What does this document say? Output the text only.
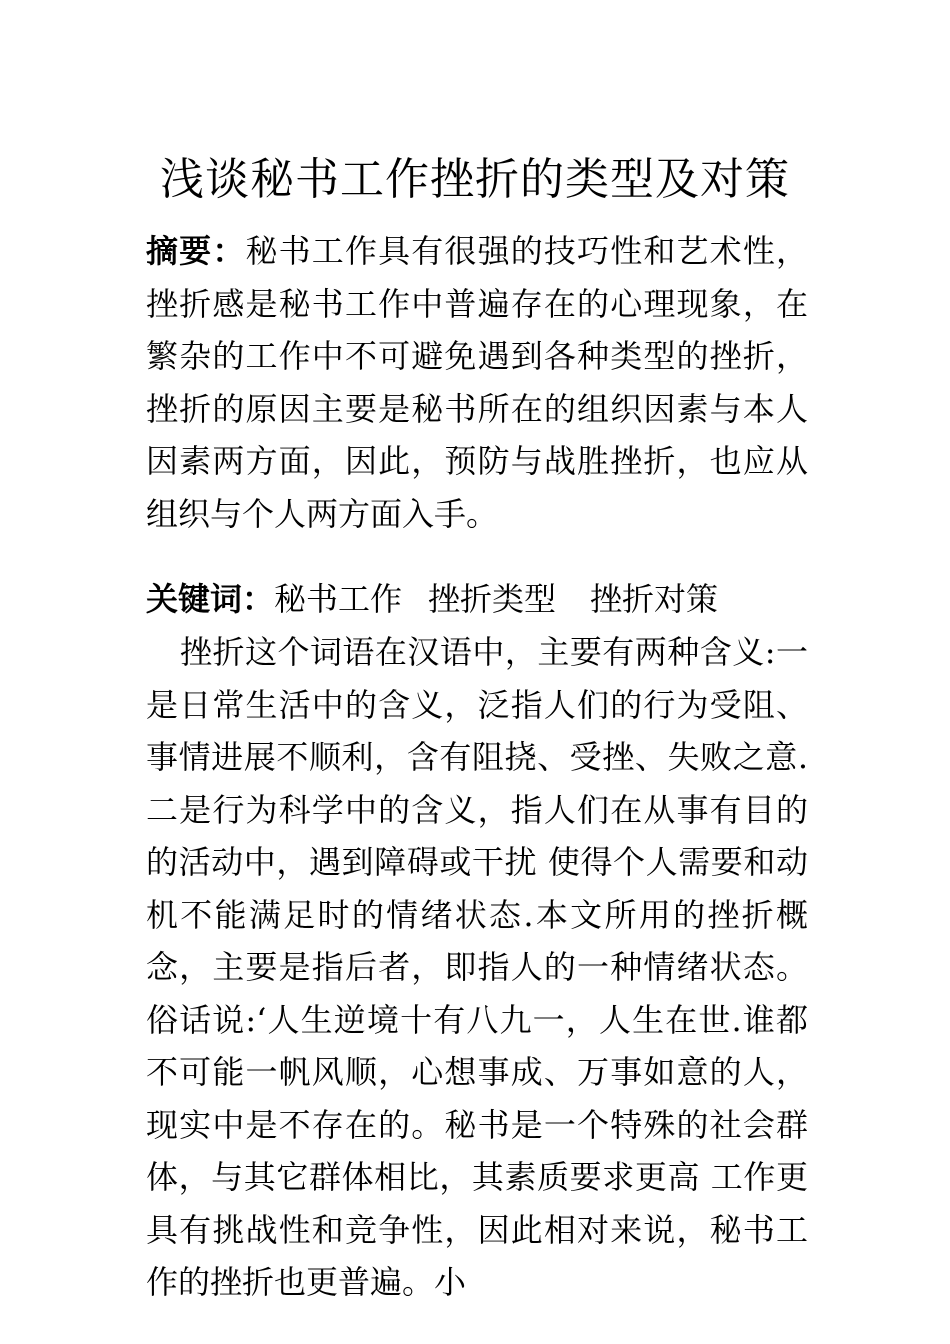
浅谈秘书工作挫折的类型及对策

摘要：秘书工作具有很强的技巧性和艺术性，挫折感是秘书工作中普遍存在的心理现象，在繁杂的工作中不可避免遇到各种类型的挫折，挫折的原因主要是秘书所在的组织因素与本人因素两方面，因此，预防与战胜挫折，也应从组织与个人两方面入手。

关键词：秘书工作 挫折类型 挫折对策

挫折这个词语在汉语中，主要有两种含义:一是日常生活中的含义，泛指人们的行为受阻、事情进展不顺利，含有阻挠、受挫、失败之意.二是行为科学中的含义，指人们在从事有目的的活动中，遇到障碍或干扰 使得个人需要和动机不能满足时的情绪状态.本文所用的挫折概念，主要是指后者，即指人的一种情绪状态。俗话说:‘人生逆境十有八九一，人生在世.谁都不可能一帆风顺，心想事成、万事如意的人，现实中是不存在的。秘书是一个特殊的社会群体，与其它群体相比，其素质要求更高 工作更具有挑战性和竞争性，因此相对来说，秘书工作的挫折也更普遍。小
